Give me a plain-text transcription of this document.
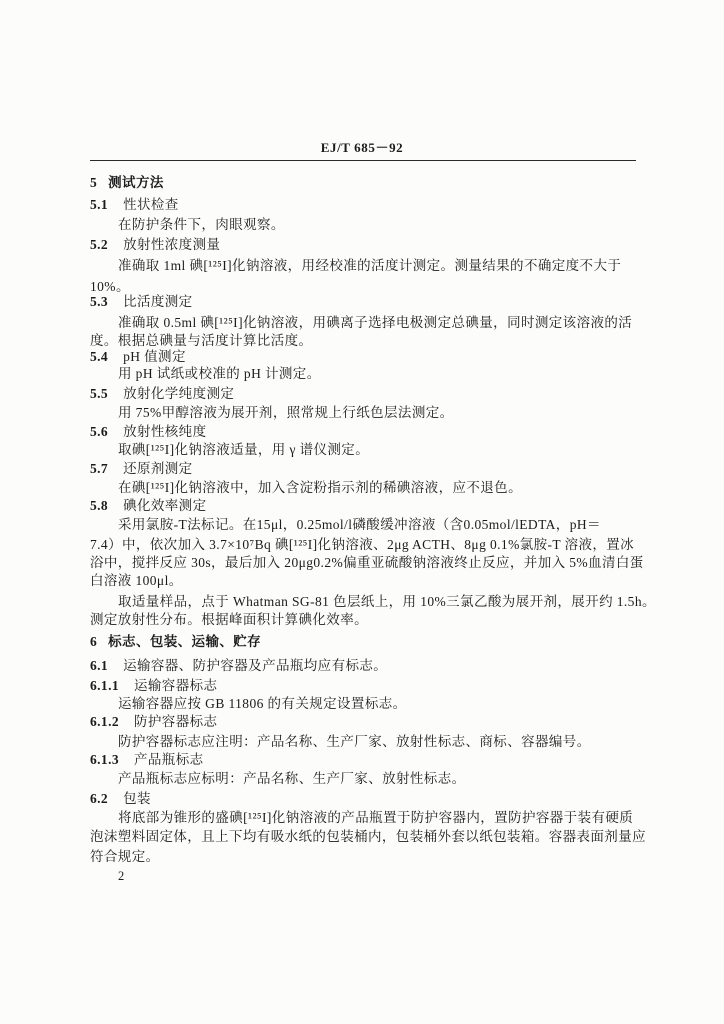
EJ/T 685－92
5 测试方法
5.1 性状检查
在防护条件下，肉眼观察。
5.2 放射性浓度测量
准确取 1ml 碘[¹²⁵I]化钠溶液，用经校准的活度计测定。测量结果的不确定度不大于
10%。
5.3 比活度测定
准确取 0.5ml 碘[¹²⁵I]化钠溶液，用碘离子选择电极测定总碘量，同时测定该溶液的活
度。根据总碘量与活度计算比活度。
5.4 pH 值测定
用 pH 试纸或校准的 pH 计测定。
5.5 放射化学纯度测定
用 75%甲醇溶液为展开剂，照常规上行纸色层法测定。
5.6 放射性核纯度
取碘[¹²⁵I]化钠溶液适量，用 γ 谱仪测定。
5.7 还原剂测定
在碘[¹²⁵I]化钠溶液中，加入含淀粉指示剂的稀碘溶液，应不退色。
5.8 碘化效率测定
采用氯胺-T法标记。在15μl，0.25mol/l磷酸缓冲溶液（含0.05mol/lEDTA，pH＝
7.4）中，依次加入 3.7×10⁷Bq 碘[¹²⁵I]化钠溶液、2μg ACTH、8μg 0.1%氯胺-T 溶液，置冰
浴中，搅拌反应 30s，最后加入 20μg0.2%偏重亚硫酸钠溶液终止反应，并加入 5%血清白蛋
白溶液 100μl。
取适量样品，点于 Whatman SG-81 色层纸上，用 10%三氯乙酸为展开剂，展开约 1.5h。
测定放射性分布。根据峰面积计算碘化效率。
6 标志、包装、运输、贮存
6.1 运输容器、防护容器及产品瓶均应有标志。
6.1.1 运输容器标志
运输容器应按 GB 11806 的有关规定设置标志。
6.1.2 防护容器标志
防护容器标志应注明：产品名称、生产厂家、放射性标志、商标、容器编号。
6.1.3 产品瓶标志
产品瓶标志应标明：产品名称、生产厂家、放射性标志。
6.2 包装
将底部为锥形的盛碘[¹²⁵I]化钠溶液的产品瓶置于防护容器内，置防护容器于装有硬质
泡沫塑料固定体，且上下均有吸水纸的包装桶内，包装桶外套以纸包装箱。容器表面剂量应
符合规定。
2
